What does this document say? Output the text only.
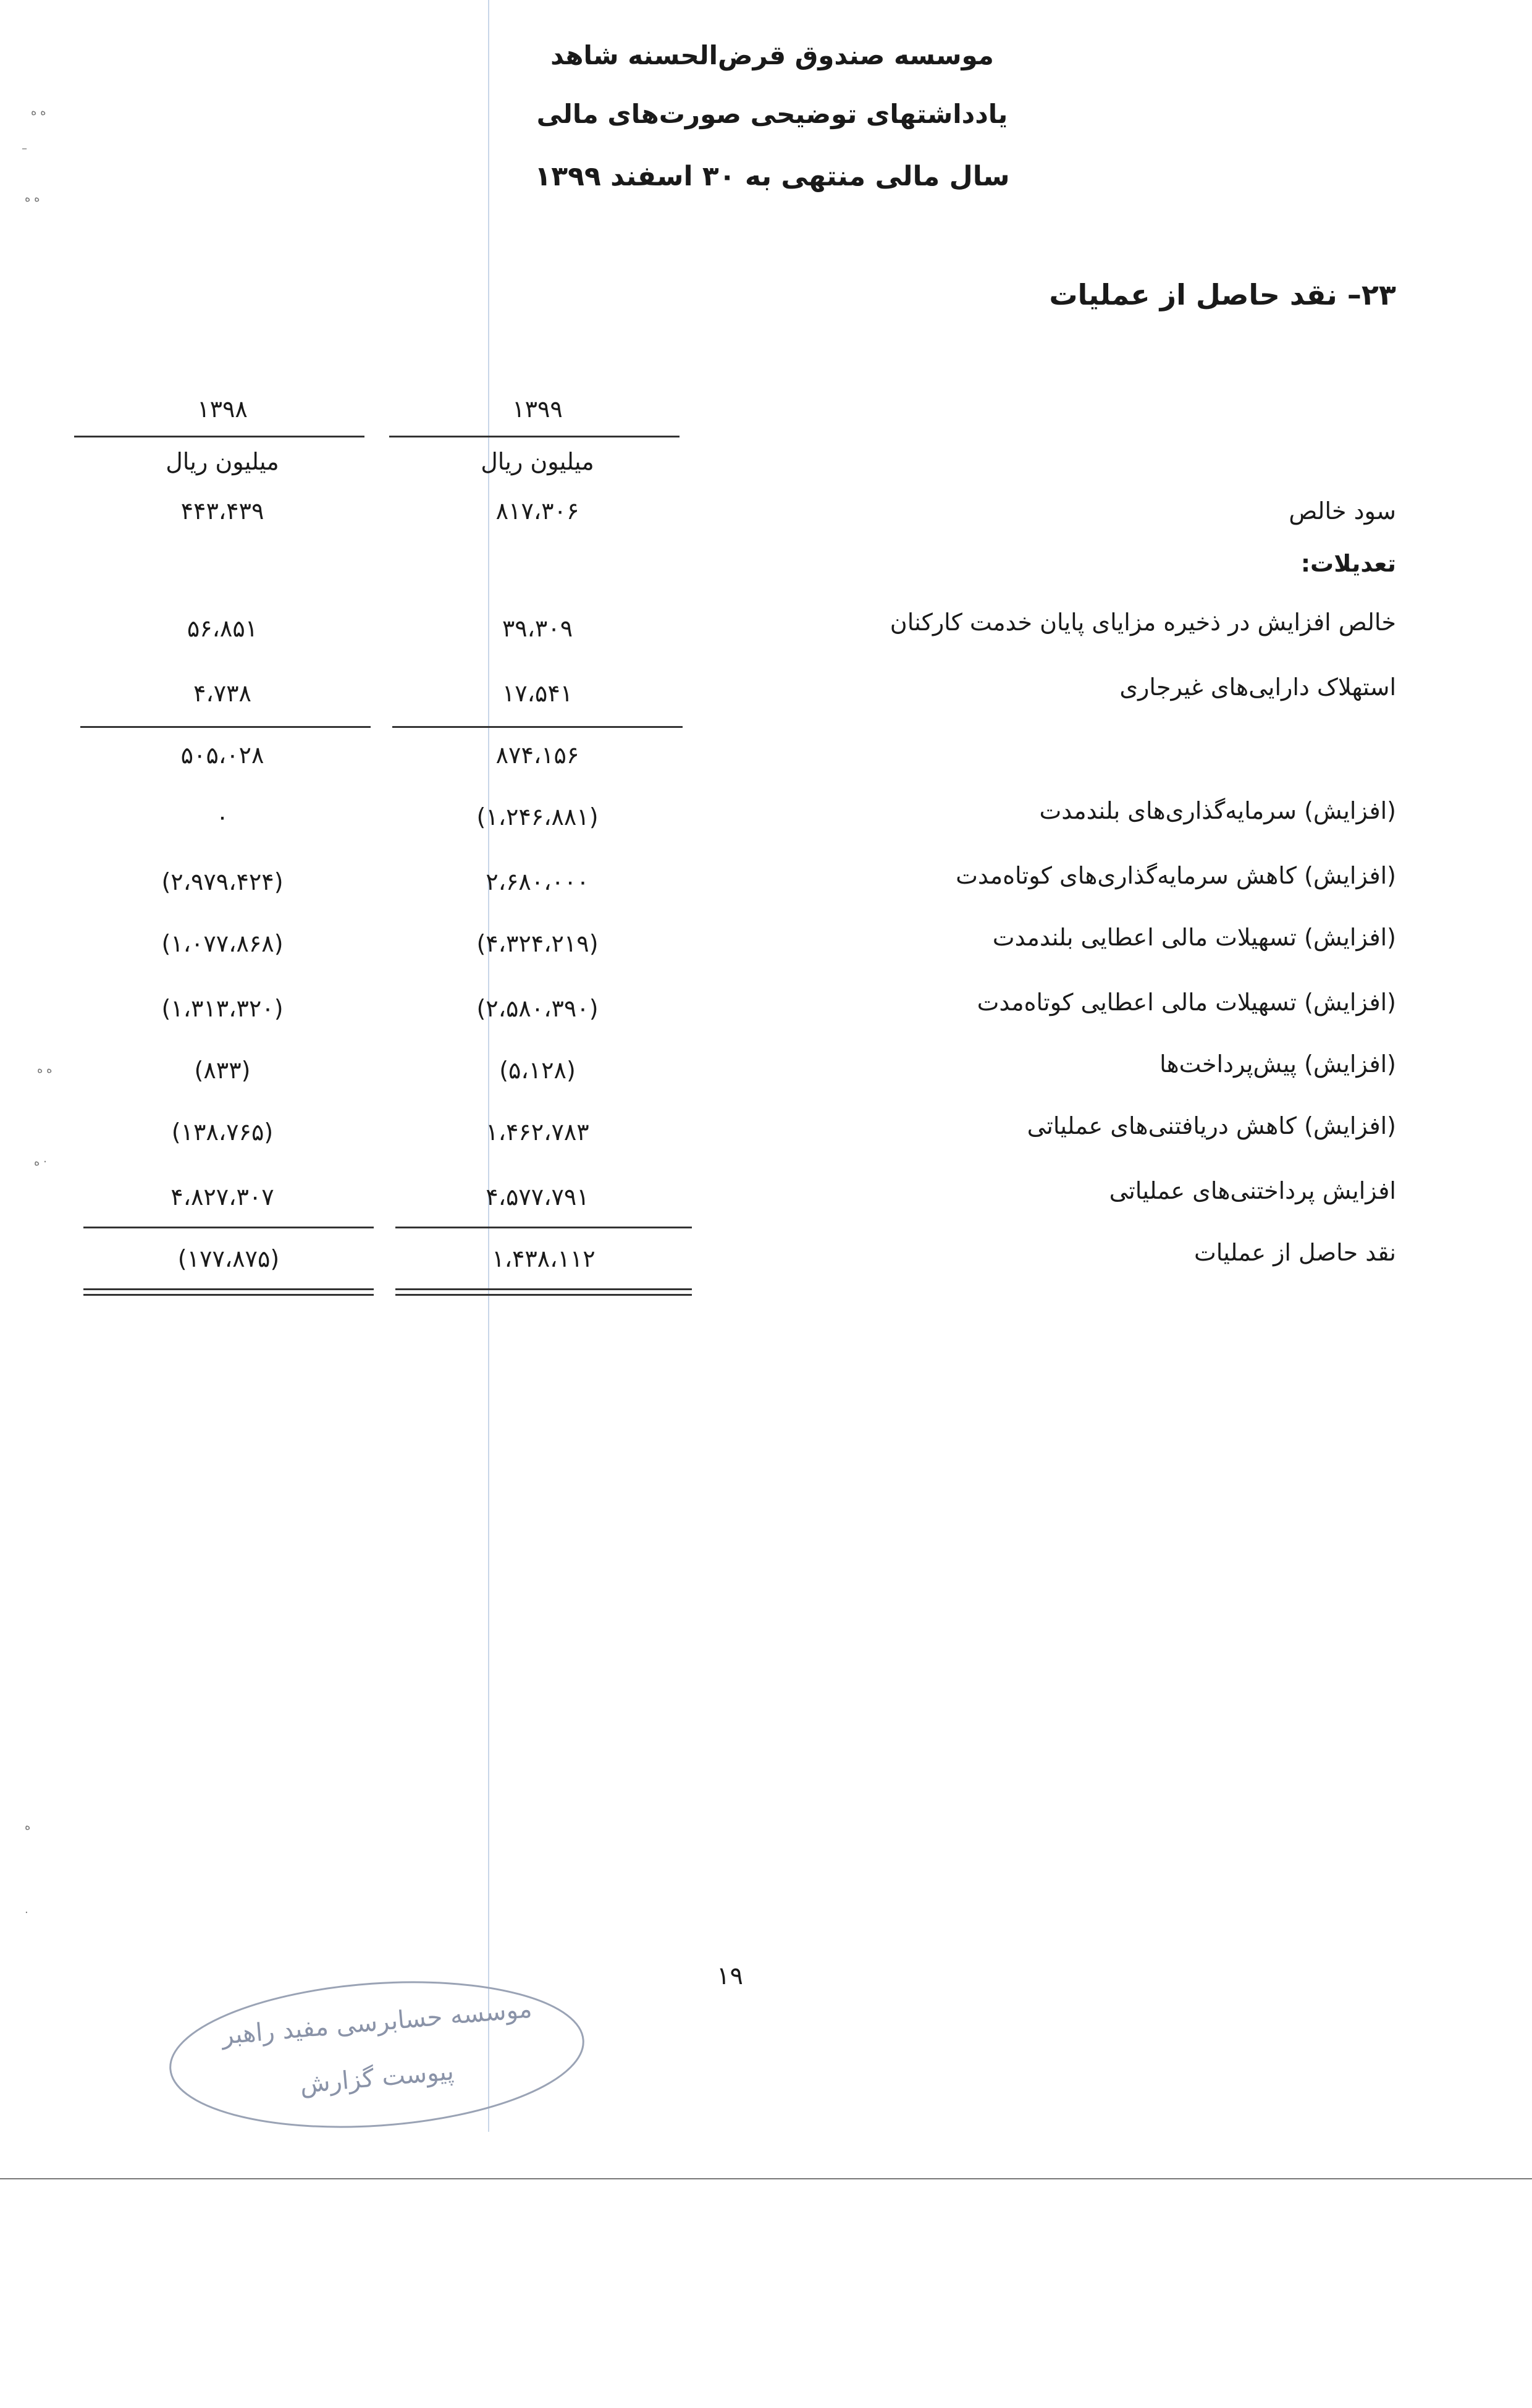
موسسه صندوق قرض‌الحسنه شاهد
یادداشتهای توضیحی صورت‌های مالی
سال مالی منتهی به ۳۰ اسفند ۱۳۹۹
۲۳– نقد حاصل از عملیات
۱۳۹۸	۱۳۹۹
میلیون ریال	میلیون ریال
سود خالص
۸۱۷،۳۰۶
۴۴۳،۴۳۹
تعدیلات:
خالص افزایش در ذخیره مزایای پایان خدمت کارکنان
۳۹،۳۰۹
۵۶،۸۵۱
استهلاک دارایی‌های غیرجاری
۱۷،۵۴۱
۴،۷۳۸
۸۷۴،۱۵۶
۵۰۵،۰۲۸
(افزایش) سرمایه‌گذاری‌های بلندمدت
(۱،۲۴۶،۸۸۱)
۰
(افزایش) کاهش سرمایه‌گذاری‌های کوتاه‌مدت
۲،۶۸۰،۰۰۰
(۲،۹۷۹،۴۲۴)
(افزایش) تسهیلات مالی اعطایی بلندمدت
(۴،۳۲۴،۲۱۹)
(۱،۰۷۷،۸۶۸)
(افزایش) تسهیلات مالی اعطایی کوتاه‌مدت
(۲،۵۸۰،۳۹۰)
(۱،۳۱۳،۳۲۰)
(افزایش) پیش‌پرداخت‌ها
(۵،۱۲۸)
(۸۳۳)
(افزایش) کاهش دریافتنی‌های عملیاتی
۱،۴۶۲،۷۸۳
(۱۳۸،۷۶۵)
افزایش پرداختنی‌های عملیاتی
۴،۵۷۷،۷۹۱
۴،۸۲۷،۳۰۷
نقد حاصل از عملیات
۱،۴۳۸،۱۱۲
(۱۷۷،۸۷۵)
۱۹
موسسه حسابرسی مفید راهبر
پیوست گزارش
ه ه
–
ه ه
ه ه
ه ·
ه
·
